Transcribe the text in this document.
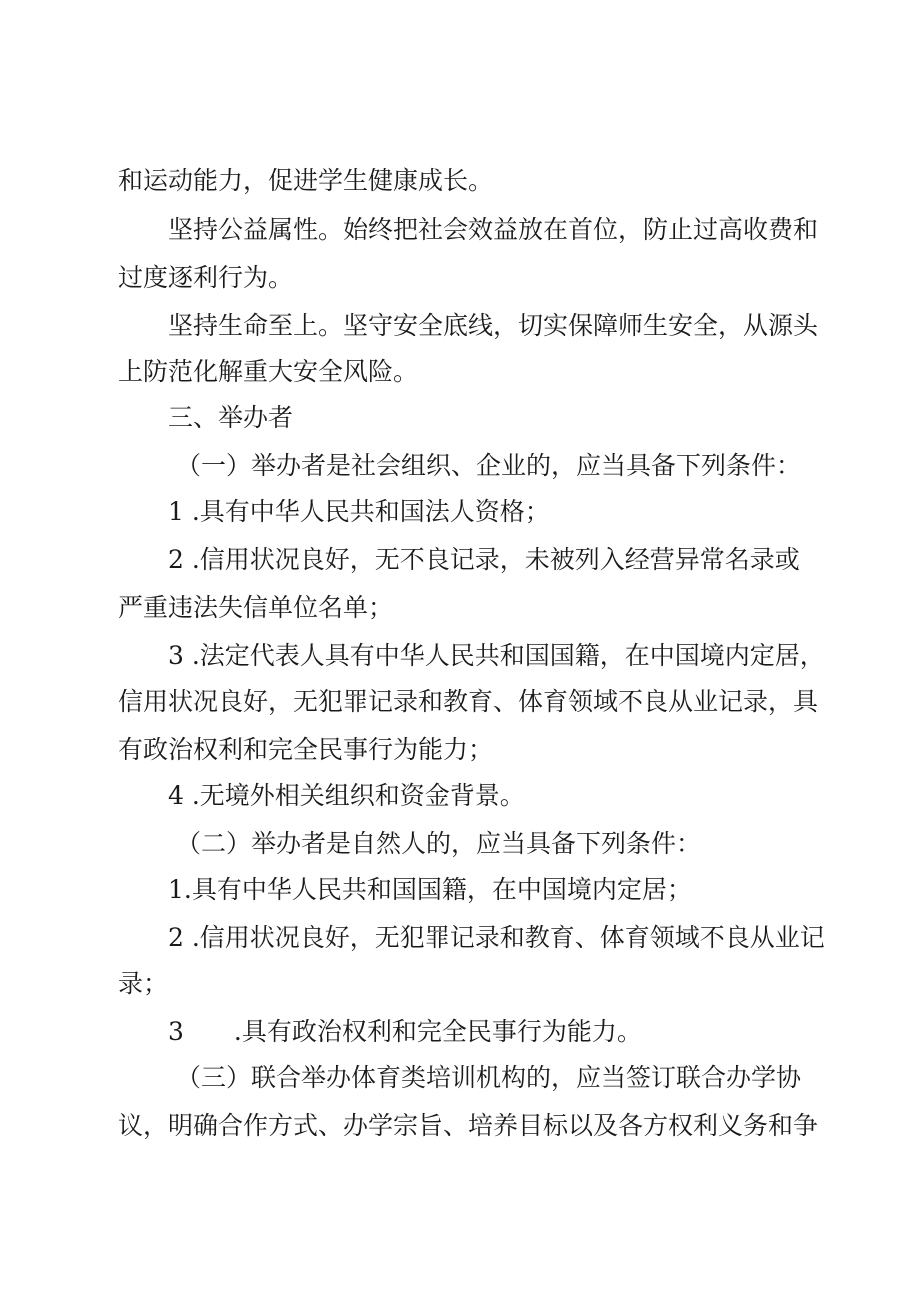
和运动能力，促进学生健康成长。
坚持公益属性。始终把社会效益放在首位，防止过高收费和
过度逐利行为。
坚持生命至上。坚守安全底线，切实保障师生安全，从源头
上防范化解重大安全风险。
三、举办者
（一）举办者是社会组织、企业的，应当具备下列条件：
1 .具有中华人民共和国法人资格；
2 .信用状况良好，无不良记录，未被列入经营异常名录或
严重违法失信单位名单；
3 .法定代表人具有中华人民共和国国籍，在中国境内定居，
信用状况良好，无犯罪记录和教育、体育领域不良从业记录，具
有政治权利和完全民事行为能力；
4 .无境外相关组织和资金背景。
（二）举办者是自然人的，应当具备下列条件：
1.具有中华人民共和国国籍，在中国境内定居；
2 .信用状况良好，无犯罪记录和教育、体育领域不良从业记
录；
3　　.具有政治权利和完全民事行为能力。
（三）联合举办体育类培训机构的，应当签订联合办学协
议，明确合作方式、办学宗旨、培养目标以及各方权利义务和争
